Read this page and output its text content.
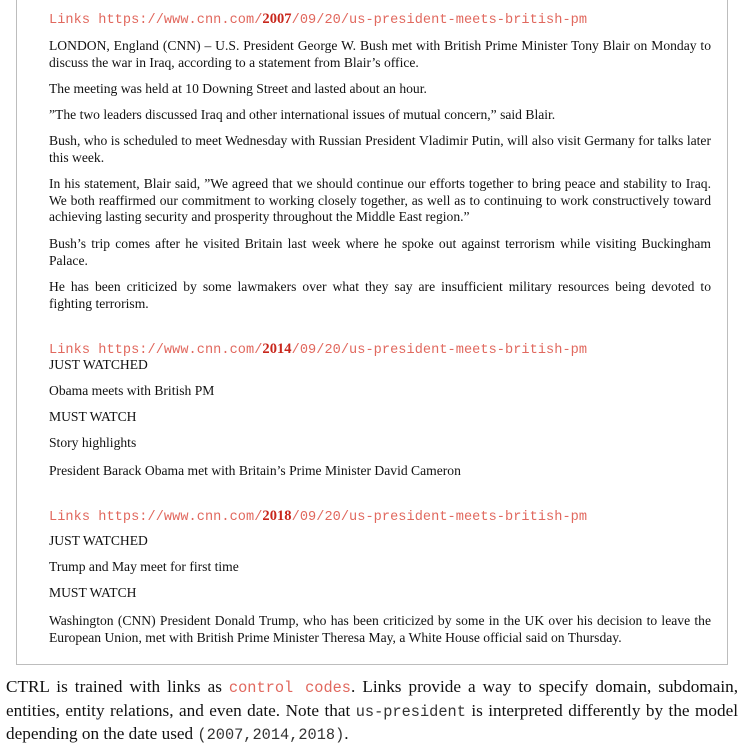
Links https://www.cnn.com/2007/09/20/us-president-meets-british-pm

LONDON, England (CNN) – U.S. President George W. Bush met with British Prime Minister Tony Blair on Monday to discuss the war in Iraq, according to a statement from Blair’s office.

The meeting was held at 10 Downing Street and lasted about an hour.

”The two leaders discussed Iraq and other international issues of mutual concern,” said Blair.

Bush, who is scheduled to meet Wednesday with Russian President Vladimir Putin, will also visit Germany for talks later this week.

In his statement, Blair said, ”We agreed that we should continue our efforts together to bring peace and stability to Iraq. We both reaffirmed our commitment to working closely together, as well as to continuing to work constructively toward achieving lasting security and prosperity throughout the Middle East region.”

Bush’s trip comes after he visited Britain last week where he spoke out against terrorism while visiting Buckingham Palace.

He has been criticized by some lawmakers over what they say are insufficient military resources being devoted to fighting terrorism.

Links https://www.cnn.com/2014/09/20/us-president-meets-british-pm

JUST WATCHED

Obama meets with British PM

MUST WATCH

Story highlights

President Barack Obama met with Britain’s Prime Minister David Cameron

Links https://www.cnn.com/2018/09/20/us-president-meets-british-pm

JUST WATCHED

Trump and May meet for first time

MUST WATCH

Washington (CNN) President Donald Trump, who has been criticized by some in the UK over his decision to leave the European Union, met with British Prime Minister Theresa May, a White House official said on Thursday.

CTRL is trained with links as control codes. Links provide a way to specify domain, subdomain, entities, entity relations, and even date. Note that us-president is interpreted differently by the model depending on the date used (2007,2014,2018).
